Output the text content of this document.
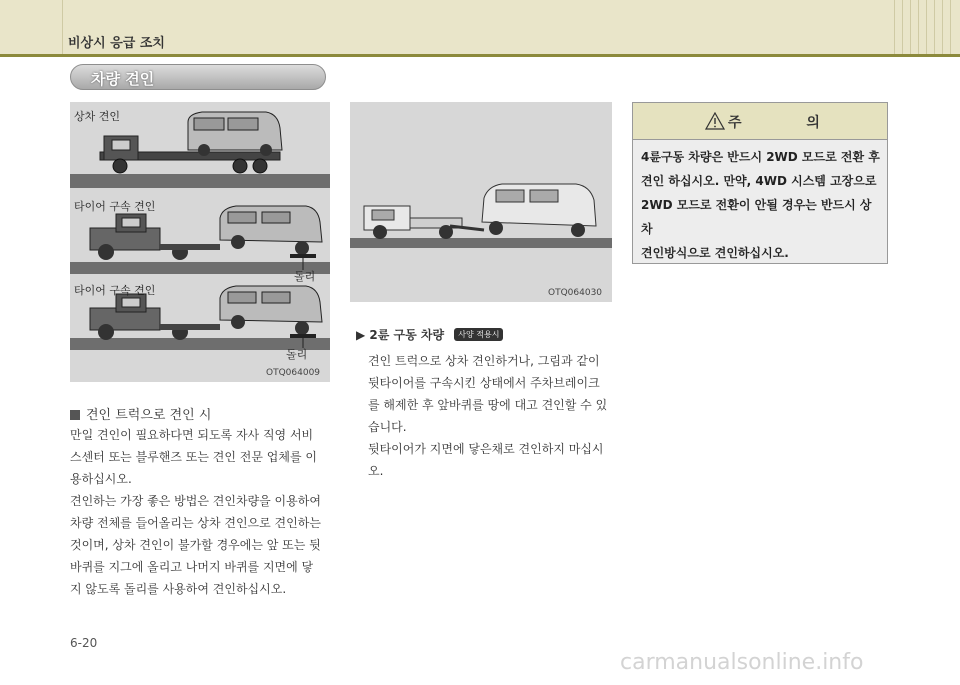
비상시 응급 조치
차량 견인
상차 견인
타이어 구속 견인
타이어 구속 견인
돌리
돌리
OTQ064009
OTQ064030
견인 트럭으로 견인 시

만일 견인이 필요하다면 되도록 자사 직영 서비

스센터 또는 블루핸즈 또는 견인 전문 업체를 이

용하십시오.

견인하는 가장 좋은 방법은 견인차량을 이용하여

차량 전체를 들어올리는 상차 견인으로 견인하는

것이며, 상차 견인이 불가할 경우에는 앞 또는 뒷

바퀴를 지그에 올리고 나머지 바퀴를 지면에 닿

지 않도록 돌리를 사용하여 견인하십시오.

▶ 2륜 구동 차량 사양 적용시

견인 트럭으로 상차 견인하거나, 그림과 같이

뒷타이어를 구속시킨 상태에서 주차브레이크

를 해제한 후 앞바퀴를 땅에 대고 견인할 수 있

습니다.

뒷타이어가 지면에 닿은채로 견인하지 마십시오.

주 의
4륜구동 차량은 반드시 2WD 모드로 전환 후
견인 하십시오. 만약, 4WD 시스템 고장으로
2WD 모드로 전환이 안될 경우는 반드시 상차
견인방식으로 견인하십시오.
6-20
carmanualsonline.info
